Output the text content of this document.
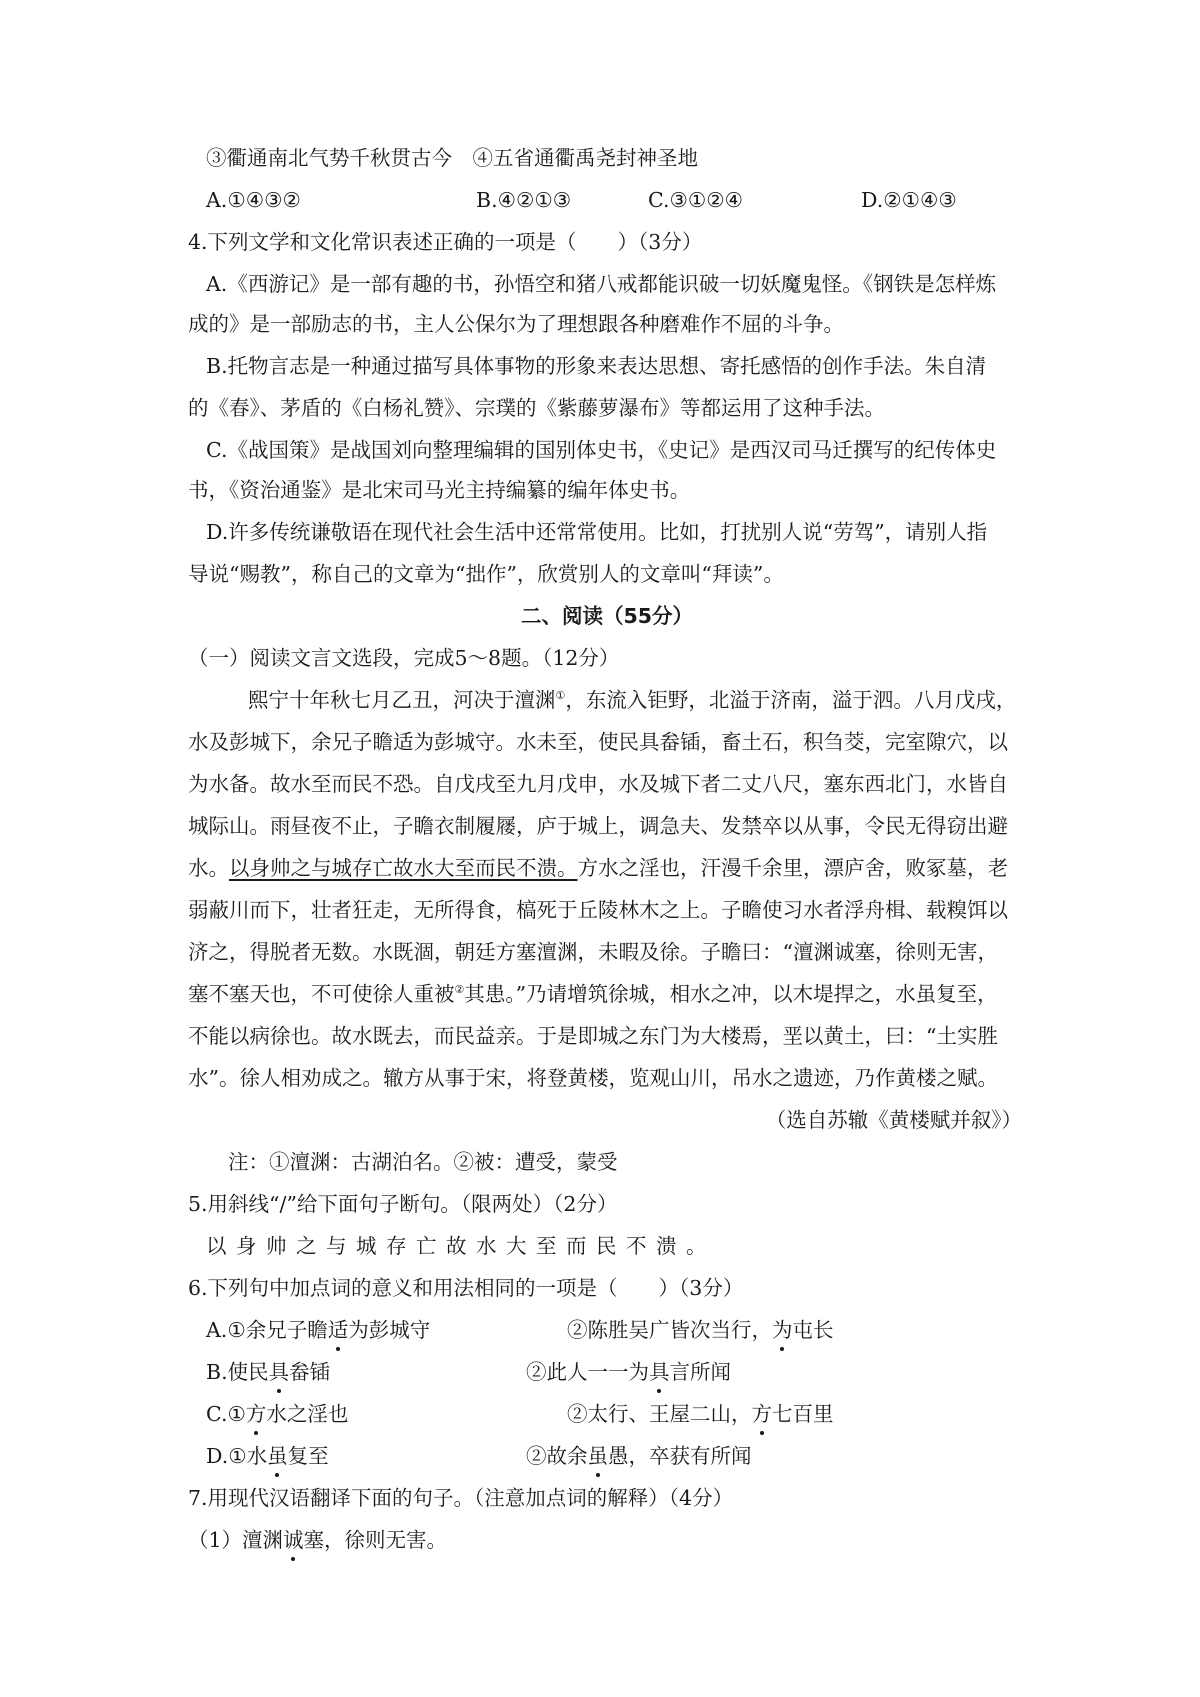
③衢通南北气势千秋贯古今　④五省通衢禹尧封神圣地
A.①④③②	B.④②①③	C.③①②④	D.②①④③
4.下列文学和文化常识表述正确的一项是（　　）（3分）
A.《西游记》是一部有趣的书，孙悟空和猪八戒都能识破一切妖魔鬼怪。《钢铁是怎样炼
成的》是一部励志的书，主人公保尔为了理想跟各种磨难作不屈的斗争。
B.托物言志是一种通过描写具体事物的形象来表达思想、寄托感悟的创作手法。朱自清
的《春》、茅盾的《白杨礼赞》、宗璞的《紫藤萝瀑布》等都运用了这种手法。
C.《战国策》是战国刘向整理编辑的国别体史书，《史记》是西汉司马迁撰写的纪传体史
书，《资治通鉴》是北宋司马光主持编纂的编年体史书。
D.许多传统谦敬语在现代社会生活中还常常使用。比如，打扰别人说“劳驾”，请别人指
导说“赐教”，称自己的文章为“拙作”，欣赏别人的文章叫“拜读”。
二、阅读（55分）
（一）阅读文言文选段，完成5～8题。（12分）
熙宁十年秋七月乙丑，河决于澶渊①，东流入钜野，北溢于济南，溢于泗。八月戊戌，
水及彭城下，余兄子瞻适为彭城守。水未至，使民具畚锸，畜土石，积刍茭，完室隙穴，以
为水备。故水至而民不恐。自戊戌至九月戊申，水及城下者二丈八尺，塞东西北门，水皆自
城际山。雨昼夜不止，子瞻衣制履屦，庐于城上，调急夫、发禁卒以从事，令民无得窃出避
水。以身帅之与城存亡故水大至而民不溃。方水之淫也，汗漫千余里，漂庐舍，败冢墓，老
弱蔽川而下，壮者狂走，无所得食，槁死于丘陵林木之上。子瞻使习水者浮舟楫、载糗饵以
济之，得脱者无数。水既涸，朝廷方塞澶渊，未暇及徐。子瞻曰：“澶渊诚塞，徐则无害，
塞不塞天也，不可使徐人重被②其患。”乃请增筑徐城，相水之冲，以木堤捍之，水虽复至，
不能以病徐也。故水既去，而民益亲。于是即城之东门为大楼焉，垩以黄土，曰：“土实胜
水”。徐人相劝成之。辙方从事于宋，将登黄楼，览观山川，吊水之遗迹，乃作黄楼之赋。
（选自苏辙《黄楼赋并叙》）
注：①澶渊：古湖泊名。②被：遭受，蒙受
5.用斜线“/”给下面句子断句。（限两处）（2分）
以身帅之与城存亡故水大至而民不溃。
6.下列句中加点词的意义和用法相同的一项是（　　）（3分）
A.①余兄子瞻适为彭城守	②陈胜吴广皆次当行，为屯长
B.使民具畚锸	②此人一一为具言所闻
C.①方水之淫也	②太行、王屋二山，方七百里
D.①水虽复至	②故余虽愚，卒获有所闻
7.用现代汉语翻译下面的句子。（注意加点词的解释）（4分）
（1）澶渊诚塞，徐则无害。
